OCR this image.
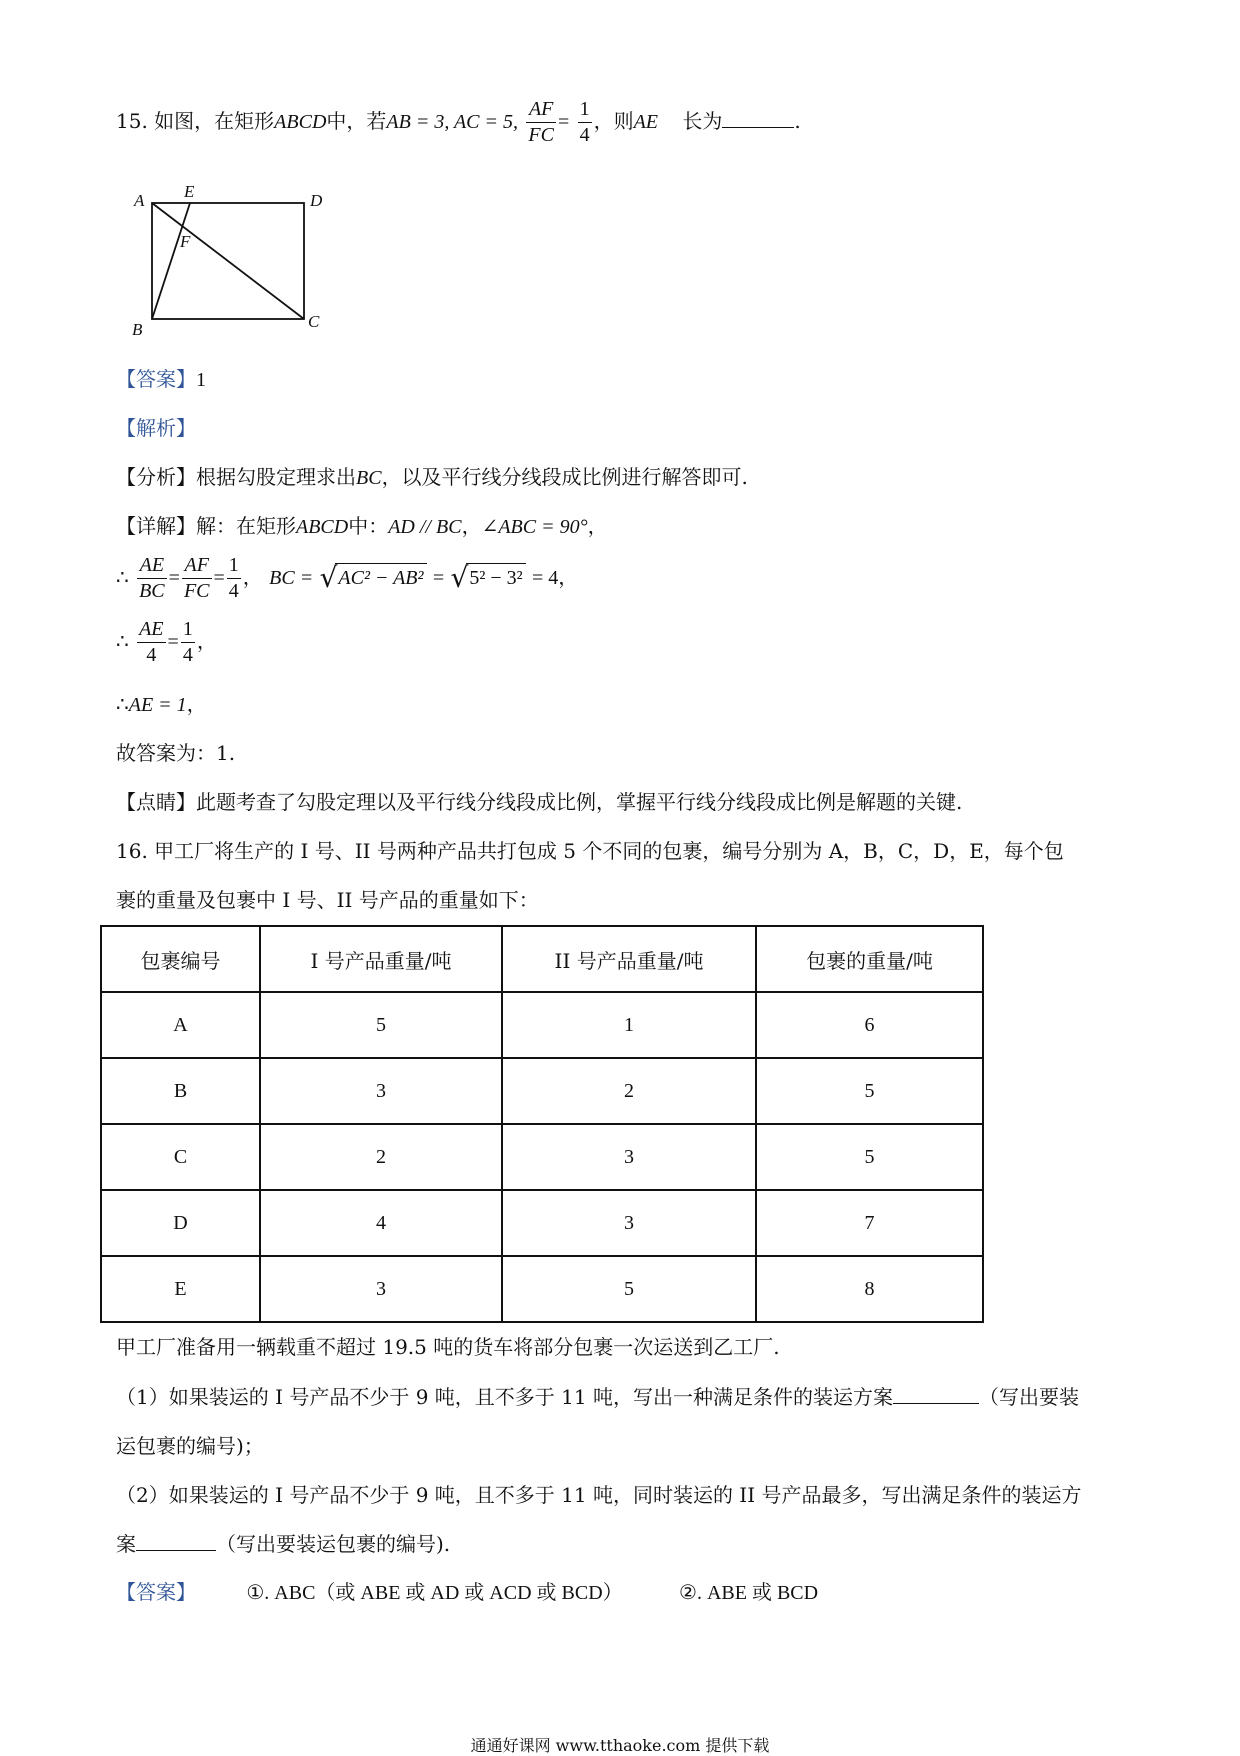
15. 如图，在矩形ABCD中，若AB = 3, AC = 5, $\frac{AF}{FC} = \frac{1}{4}$ ，则AE 长为	.
A E	D
F
B	C
【答案】1
【解析】
【分析】根据勾股定理求出BC，以及平行线分线段成比例进行解答即可.
【详解】解：在矩形ABCD中：AD // BC，∠ABC = 90°，
∴ $\frac{AE}{BC} = \frac{AF}{FC} = \frac{1}{4}$ ， BC = √AC² − AB² = √5² − 3² = 4，
∴ $\frac{AE}{4} = \frac{1}{4}$ ，
∴AE = 1，
故答案为：1.
【点睛】此题考查了勾股定理以及平行线分线段成比例，掌握平行线分线段成比例是解题的关键.
16. 甲工厂将生产的 I 号、II 号两种产品共打包成 5 个不同的包裹，编号分别为 A，B，C，D，E，每个包
裹的重量及包裹中 I 号、II 号产品的重量如下：
包裹编号	I 号产品重量/吨	II 号产品重量/吨	包裹的重量/吨
A	5	1	6
B	3	2	5
C	2	3	5
D	4	3	7
E	3	5	8
甲工厂准备用一辆载重不超过 19.5 吨的货车将部分包裹一次运送到乙工厂.
（1）如果装运的 I 号产品不少于 9 吨，且不多于 11 吨，写出一种满足条件的装运方案	（写出要装
运包裹的编号)；
（2）如果装运的 I 号产品不少于 9 吨，且不多于 11 吨，同时装运的 II 号产品最多，写出满足条件的装运方
案	（写出要装运包裹的编号).
【答案】	①. ABC（或 ABE 或 AD 或 ACD 或 BCD）	②. ABE 或 BCD
通通好课网 www.tthaoke.com 提供下载
